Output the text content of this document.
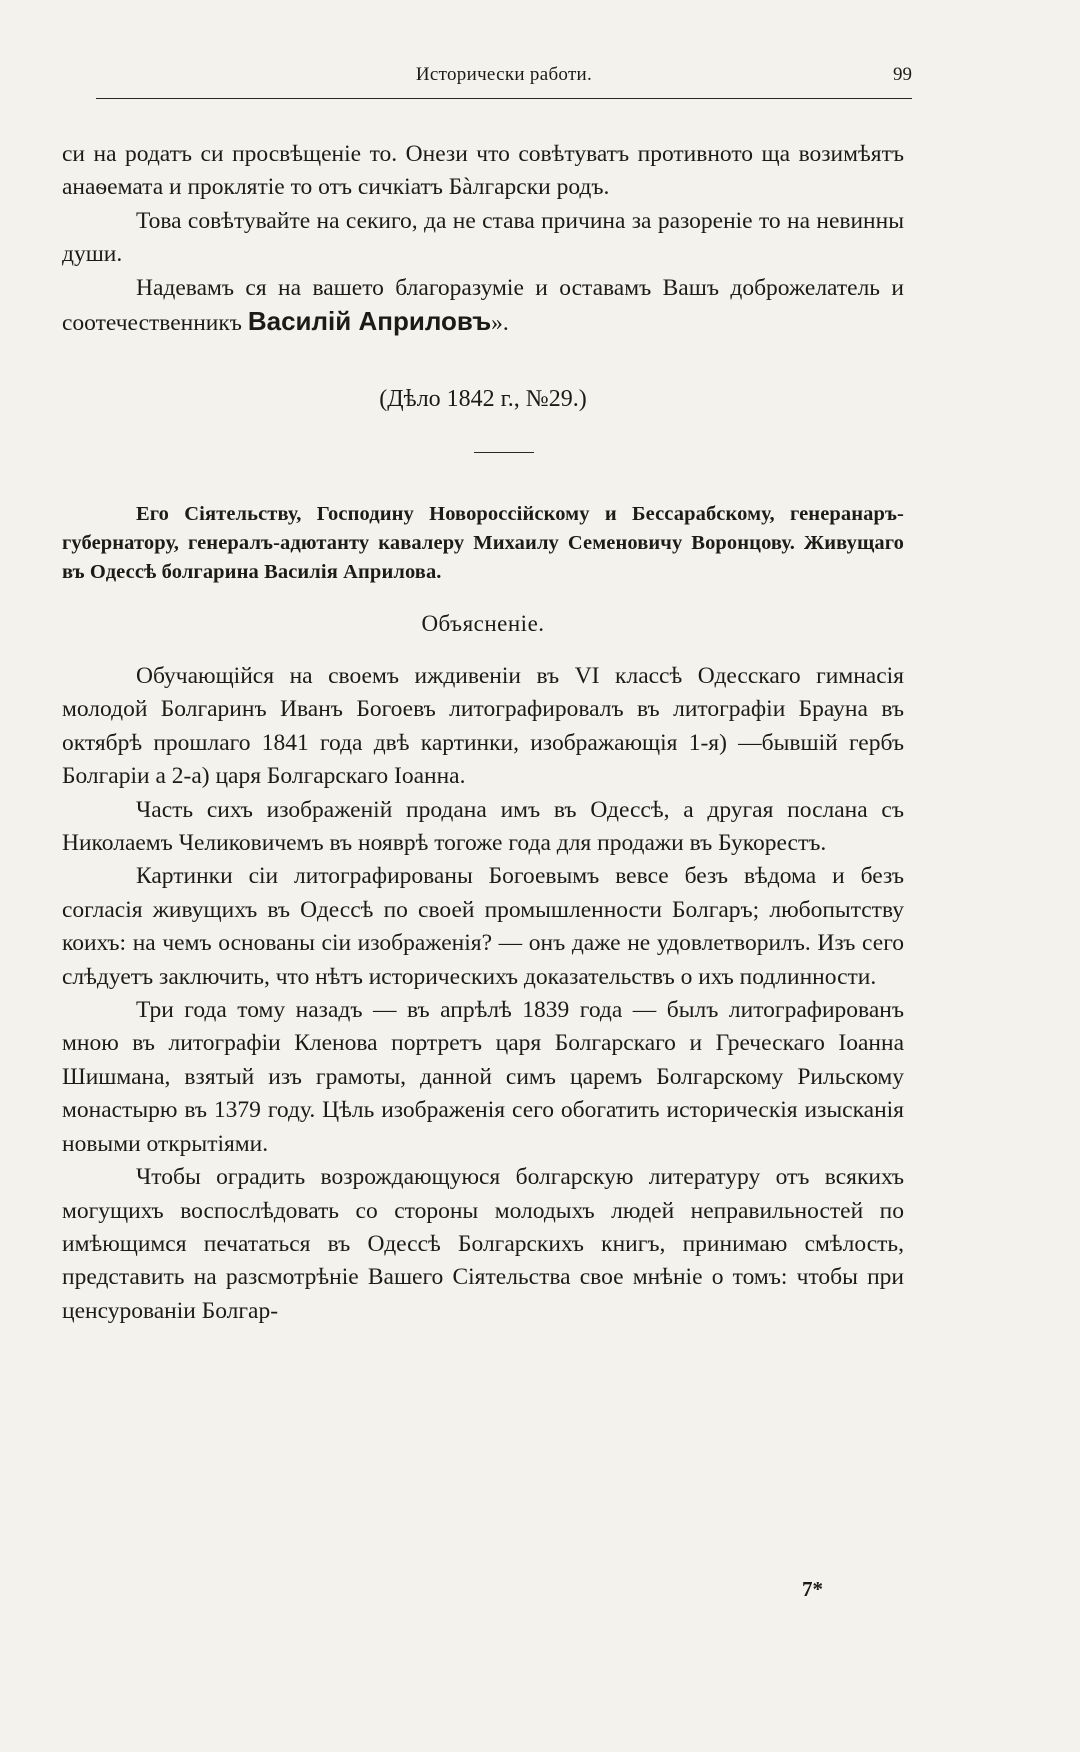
Исторически работи.	99

си на родатъ си просвѣщеніе то. Онези что совѣтуватъ противното ща возимѣятъ анаѳемата и проклятіе то отъ сичкіатъ Бàлгарски родъ.

Това совѣтувайте на секиго, да не става причина за разореніе то на невинны души.

Надевамъ ся на вашето благоразуміе и оставамъ Вашъ доброжелатель и соотечественникъ Василій Априловъ».

(Дѣло 1842 г., №29.)

Его Сіятельству, Господину Новороссійскому и Бессарабскому, генеранаръ-губернатору, генералъ-адютанту кавалеру Михаилу Семеновичу Воронцову. Живущаго въ Одессѣ болгарина Василія Априлова.

Объясненіе.

Обучающійся на своемъ иждивеніи въ VI классѣ Одесскаго гимнасія молодой Болгаринъ Иванъ Богоевъ литографировалъ въ литографіи Брауна въ октябрѣ прошлаго 1841 года двѣ картинки, изображающія 1-я) —бывшій гербъ Болгаріи а 2-а) царя Болгарскаго Іоанна.

Часть сихъ изображеній продана имъ въ Одессѣ, а другая послана съ Николаемъ Челиковичемъ въ нояврѣ тогоже года для продажи въ Букорестъ.

Картинки сіи литографированы Богоевымъ вевсе безъ вѣдома и безъ согласія живущихъ въ Одессѣ по своей промышленности Болгаръ; любопытству коихъ: на чемъ основаны сіи изображенія? — онъ даже не удовлетворилъ. Изъ сего слѣдуетъ заключить, что нѣтъ историческихъ доказательствъ о ихъ подлинности.

Три года тому назадъ — въ апрѣлѣ 1839 года — былъ литографированъ мною въ литографіи Кленова портретъ царя Болгарскаго и Греческаго Іоанна Шишмана, взятый изъ грамоты, данной симъ царемъ Болгарскому Рильскому монастырю въ 1379 году. Цѣль изображенія сего обогатить историческія изысканія новыми открытіями.

Чтобы оградить возрождающуюся болгарскую литературу отъ всякихъ могущихъ воспослѣдовать со стороны молодыхъ людей неправильностей по имѣющимся печататься въ Одессѣ Болгарскихъ книгъ, принимаю смѣлость, представить на разсмотрѣніе Вашего Сіятельства свое мнѣніе о томъ: чтобы при ценсурованіи Болгар-

7*
